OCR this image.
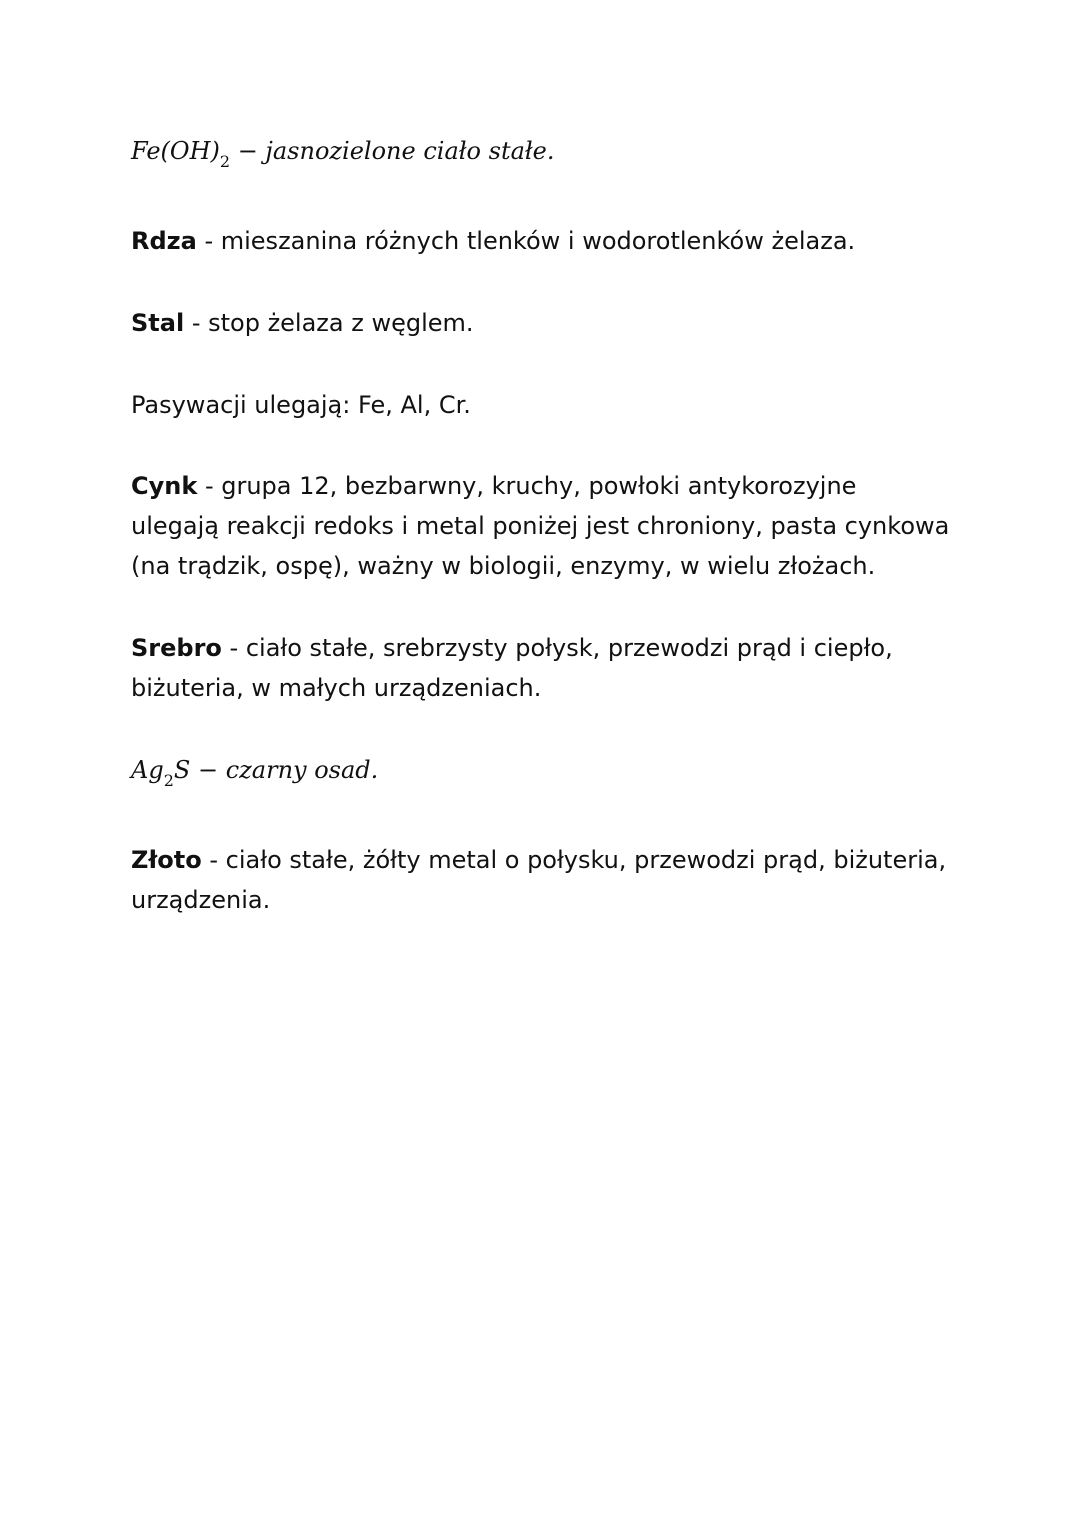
$Fe(OH)_2$ − jasnozielone ciało stałe.
Rdza - mieszanina różnych tlenków i wodorotlenków żelaza.
Stal - stop żelaza z węglem.
Pasywacji ulegają: Fe, Al, Cr.
Cynk - grupa 12, bezbarwny, kruchy, powłoki antykorozyjne ulegają reakcji redoks i metal poniżej jest chroniony, pasta cynkowa (na trądzik, ospę), ważny w biologii, enzymy, w wielu złożach.
Srebro - ciało stałe, srebrzysty połysk, przewodzi prąd i ciepło, biżuteria, w małych urządzeniach.
$Ag_2S$ − czarny osad.
Złoto - ciało stałe, żółty metal o połysku, przewodzi prąd, biżuteria, urządzenia.
